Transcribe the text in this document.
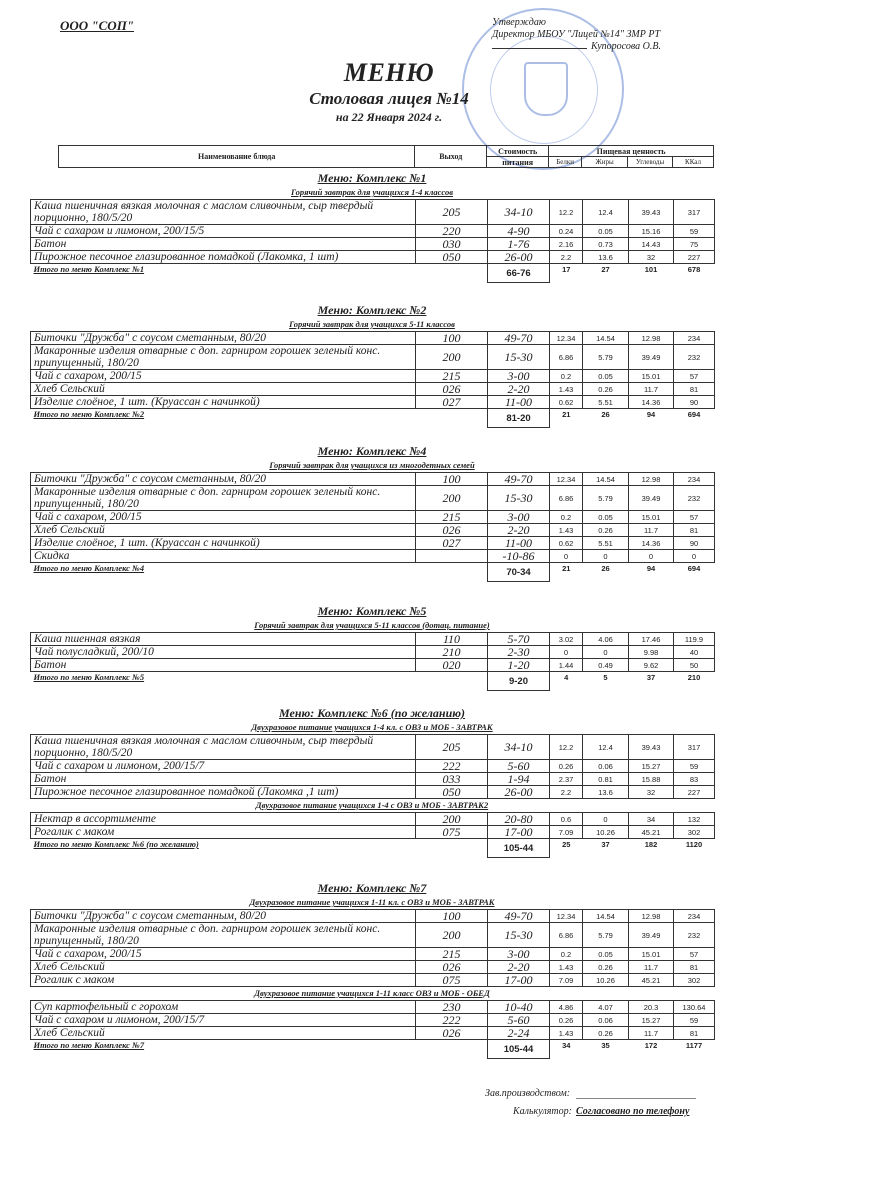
ООО "СОП"	Утверждаю
Директор МБОУ "Лицей №14" ЗМР РТ
Купоросова О.В.
МЕНЮ
Столовая лицея №14
на 22 Января 2024 г.
Наименование блюда	Выход	Стоимость	Пищевая ценность			
		питания	Белки	Жиры	Углеводы	ККал
Меню: Комплекс №1
Горячий завтрак для учащихся 1-4 классов
Каша пшеничная вязкая молочная с маслом сливочным, сыр твердый порционно, 180/5/20	205	34-10	12.2	12.4	39.43	317
Чай с сахаром и лимоном, 200/15/5	220	4-90	0.24	0.05	15.16	59
Батон	030	1-76	2.16	0.73	14.43	75
Пирожное песочное глазированное помадкой (Лакомка, 1 шт)	050	26-00	2.2	13.6	32	227
Итого по меню Комплекс №1		66-76	17	27	101	678
Меню: Комплекс №2
Горячий завтрак для учащихся 5-11 классов
Биточки "Дружба" с соусом сметанным, 80/20	100	49-70	12.34	14.54	12.98	234
Макаронные изделия отварные с доп. гарниром горошек зеленый конс. припущенный, 180/20	200	15-30	6.86	5.79	39.49	232
Чай с сахаром, 200/15	215	3-00	0.2	0.05	15.01	57
Хлеб Сельский	026	2-20	1.43	0.26	11.7	81
Изделие слоёное, 1 шт. (Круассан с начинкой)	027	11-00	0.62	5.51	14.36	90
Итого по меню Комплекс №2		81-20	21	26	94	694
Меню: Комплекс №4
Горячий завтрак для учащихся из многодетных семей
Биточки "Дружба" с соусом сметанным, 80/20	100	49-70	12.34	14.54	12.98	234
Макаронные изделия отварные с доп. гарниром горошек зеленый конс. припущенный, 180/20	200	15-30	6.86	5.79	39.49	232
Чай с сахаром, 200/15	215	3-00	0.2	0.05	15.01	57
Хлеб Сельский	026	2-20	1.43	0.26	11.7	81
Изделие слоёное, 1 шт. (Круассан с начинкой)	027	11-00	0.62	5.51	14.36	90
Скидка		-10-86	0	0	0	0
Итого по меню Комплекс №4		70-34	21	26	94	694
Меню: Комплекс №5
Горячий завтрак для учащихся 5-11 классов (дотац. питание)
Каша пшенная вязкая	110	5-70	3.02	4.06	17.46	119.9
Чай полусладкий, 200/10	210	2-30	0	0	9.98	40
Батон	020	1-20	1.44	0.49	9.62	50
Итого по меню Комплекс №5		9-20	4	5	37	210
Меню: Комплекс №6 (по желанию)
Двухразовое питание учащихся 1-4 кл. с ОВЗ и МОБ - ЗАВТРАК
Каша пшеничная вязкая молочная с маслом сливочным, сыр твердый порционно, 180/5/20	205	34-10	12.2	12.4	39.43	317
Чай с сахаром и лимоном, 200/15/7	222	5-60	0.26	0.06	15.27	59
Батон	033	1-94	2.37	0.81	15.88	83
Пирожное песочное глазированное помадкой (Лакомка ,1 шт)	050	26-00	2.2	13.6	32	227
Двухразовое питание учащихся 1-4 с ОВЗ и МОБ - ЗАВТРАК2
Нектар в ассортименте	200	20-80	0.6	0	34	132
Рогалик с маком	075	17-00	7.09	10.26	45.21	302
Итого по меню Комплекс №6 (по желанию)		105-44	25	37	182	1120
Меню: Комплекс №7
Двухразовое питание учащихся 1-11 кл. с ОВЗ и МОБ - ЗАВТРАК
Биточки "Дружба" с соусом сметанным, 80/20	100	49-70	12.34	14.54	12.98	234
Макаронные изделия отварные с доп. гарниром горошек зеленый конс. припущенный, 180/20	200	15-30	6.86	5.79	39.49	232
Чай с сахаром, 200/15	215	3-00	0.2	0.05	15.01	57
Хлеб Сельский	026	2-20	1.43	0.26	11.7	81
Рогалик с маком	075	17-00	7.09	10.26	45.21	302
Двухразовое питание учащихся 1-11 класс ОВЗ и МОБ - ОБЕД
Суп картофельный с горохом	230	10-40	4.86	4.07	20.3	130.64
Чай с сахаром и лимоном, 200/15/7	222	5-60	0.26	0.06	15.27	59
Хлеб Сельский	026	2-24	1.43	0.26	11.7	81
Итого по меню Комплекс №7		105-44	34	35	172	1177
Зав.производством:
Калькулятор: Согласовано по телефону
